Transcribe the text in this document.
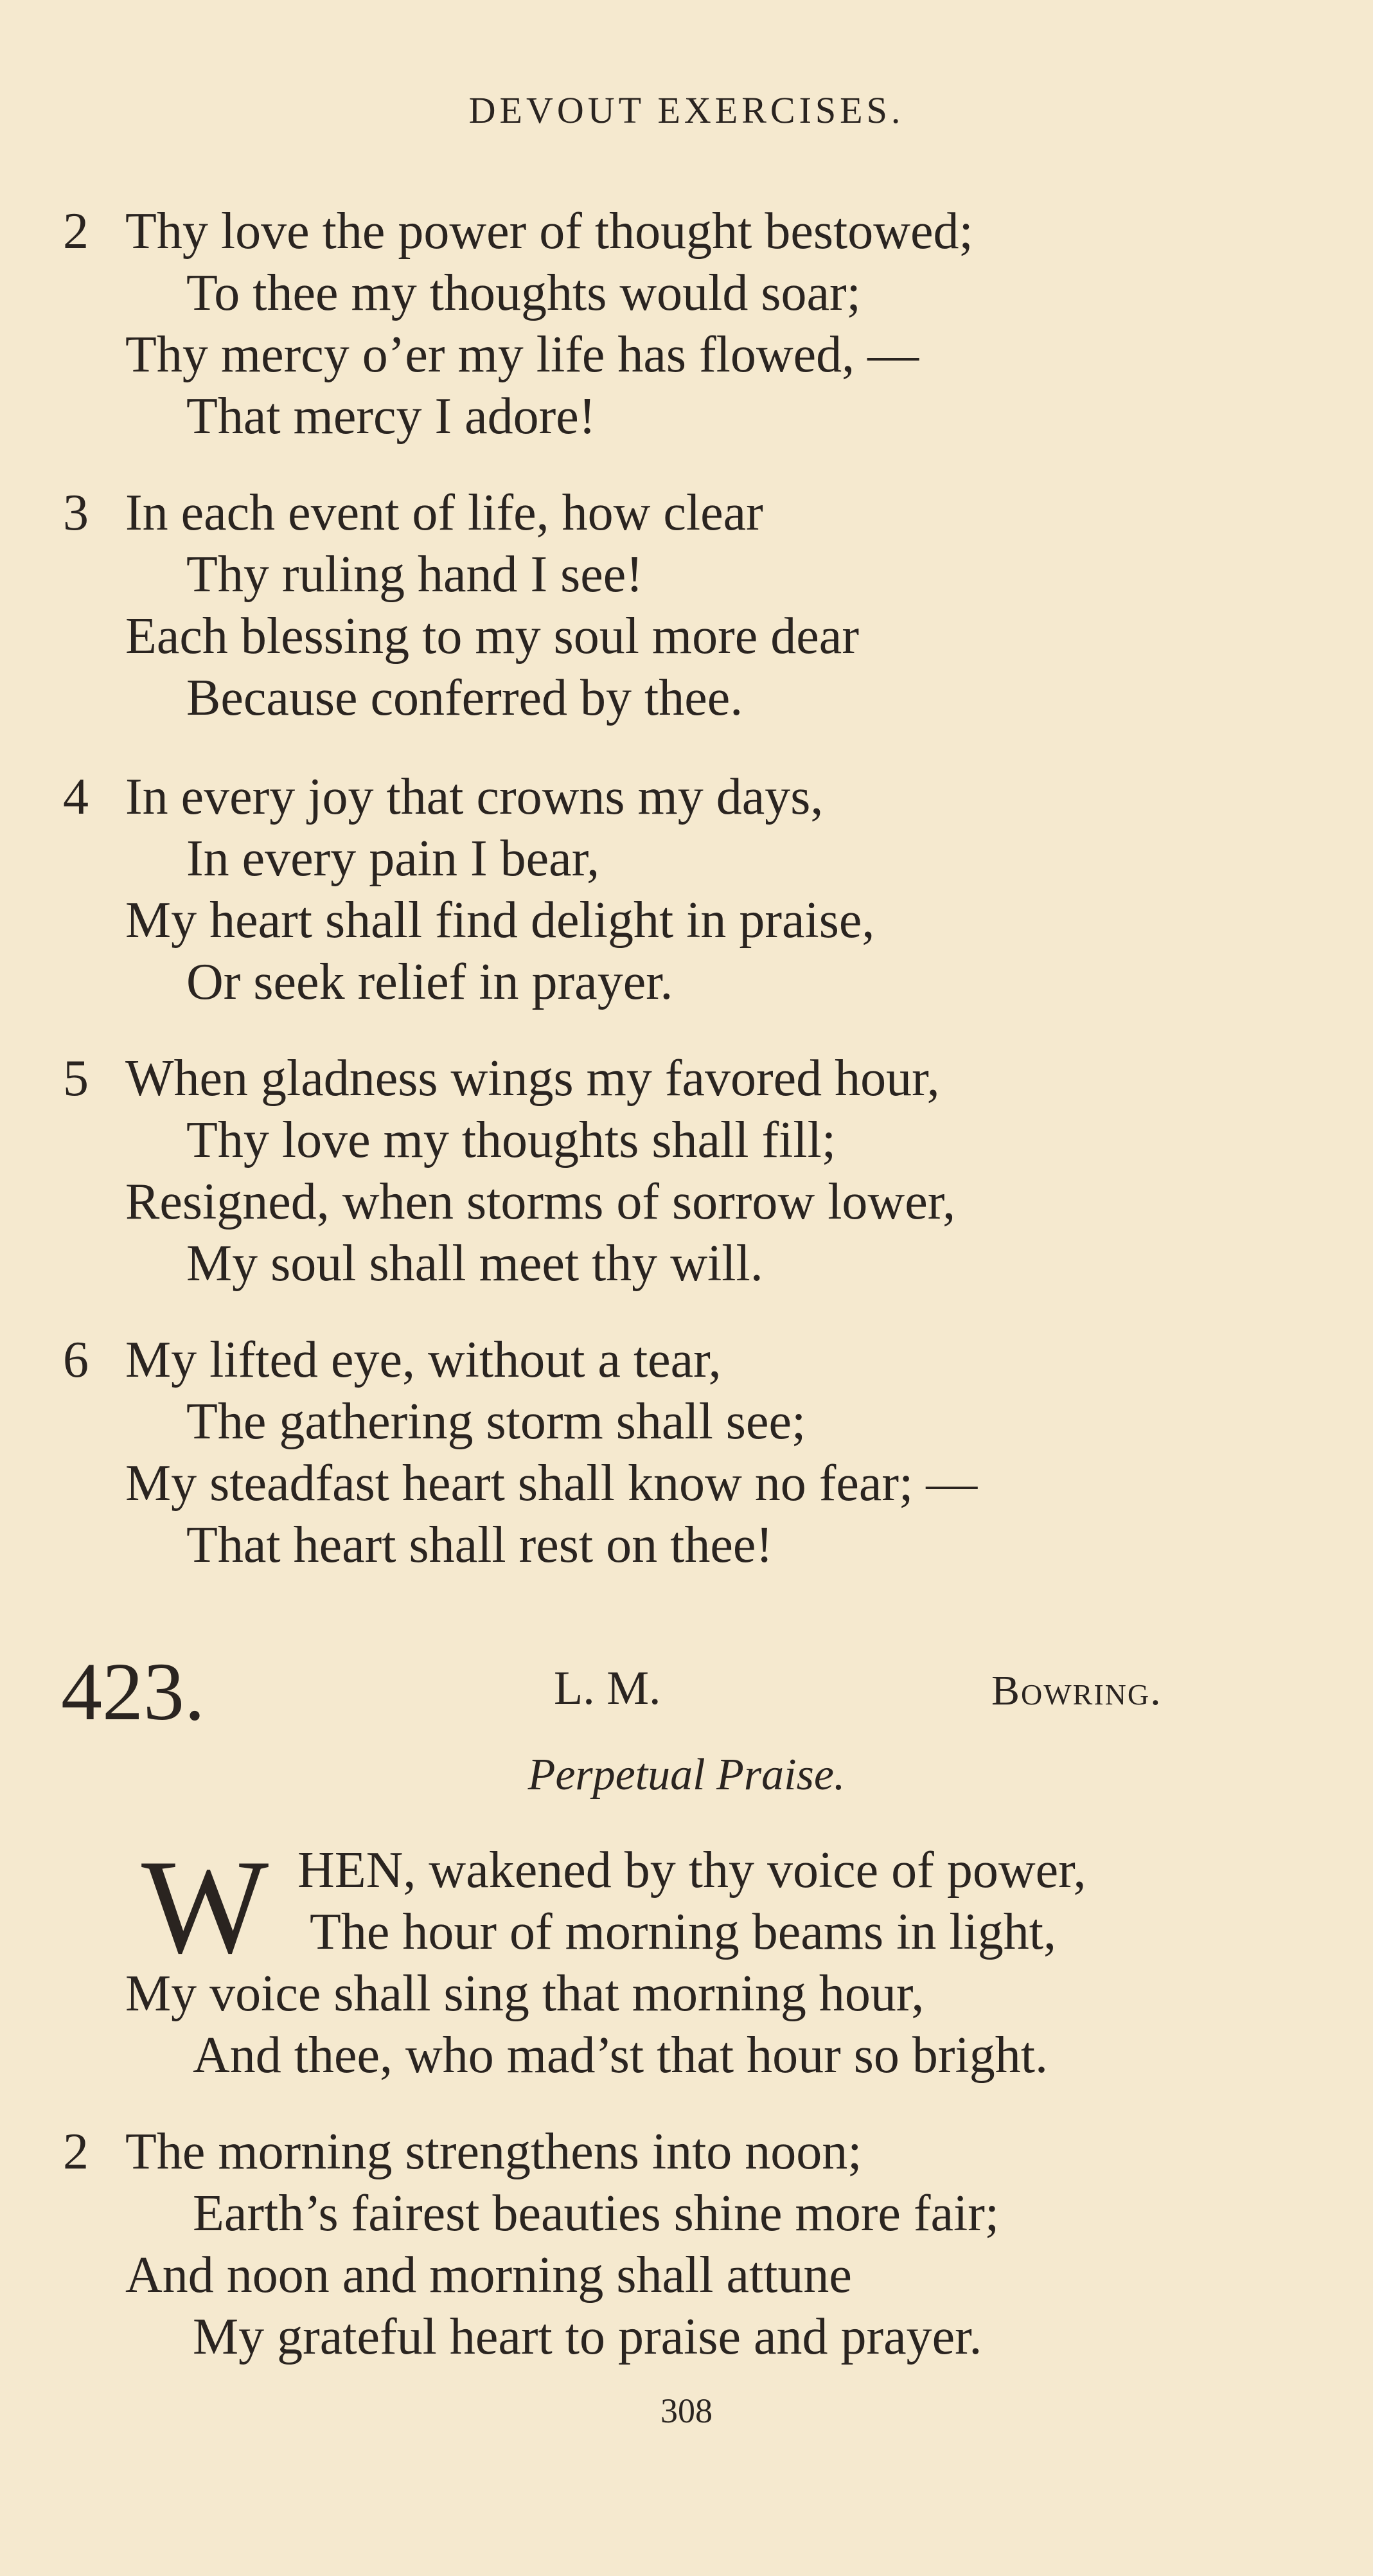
DEVOUT EXERCISES.
2 Thy love the power of thought bestowed;
To thee my thoughts would soar;
Thy mercy o’er my life has flowed, —
That mercy I adore!
3 In each event of life, how clear
Thy ruling hand I see!
Each blessing to my soul more dear
Because conferred by thee.
4 In every joy that crowns my days,
In every pain I bear,
My heart shall find delight in praise,
Or seek relief in prayer.
5 When gladness wings my favored hour,
Thy love my thoughts shall fill;
Resigned, when storms of sorrow lower,
My soul shall meet thy will.
6 My lifted eye, without a tear,
The gathering storm shall see;
My steadfast heart shall know no fear; —
That heart shall rest on thee!
423.	L. M.	Bowring.
Perpetual Praise.
W HEN, wakened by thy voice of power,
The hour of morning beams in light,
My voice shall sing that morning hour,
And thee, who mad’st that hour so bright.
2 The morning strengthens into noon;
Earth’s fairest beauties shine more fair;
And noon and morning shall attune
My grateful heart to praise and prayer.
308
